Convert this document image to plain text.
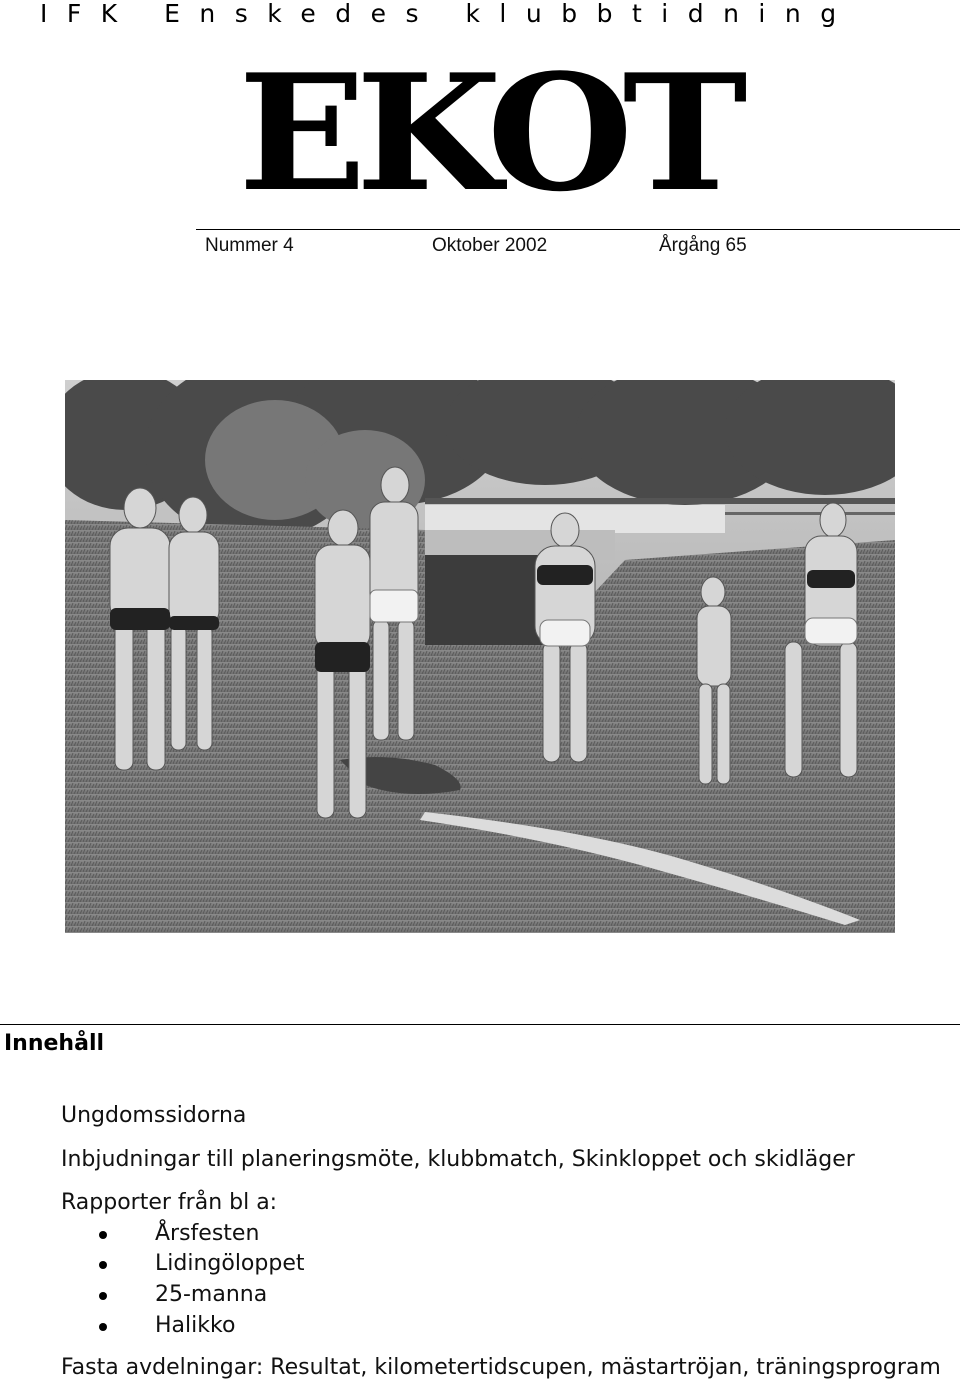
IFK Enskedes klubbtidning
EKOT
Nummer 4	Oktober 2002	Årgång 65
Innehåll
Ungdomssidorna
Inbjudningar till planeringsmöte, klubbmatch, Skinkloppet och skidläger
Rapporter från bl a:
Årsfesten
Lidingöloppet
25-manna
Halikko
Fasta avdelningar: Resultat, kilometertidscupen, mästartröjan, träningsprogram
